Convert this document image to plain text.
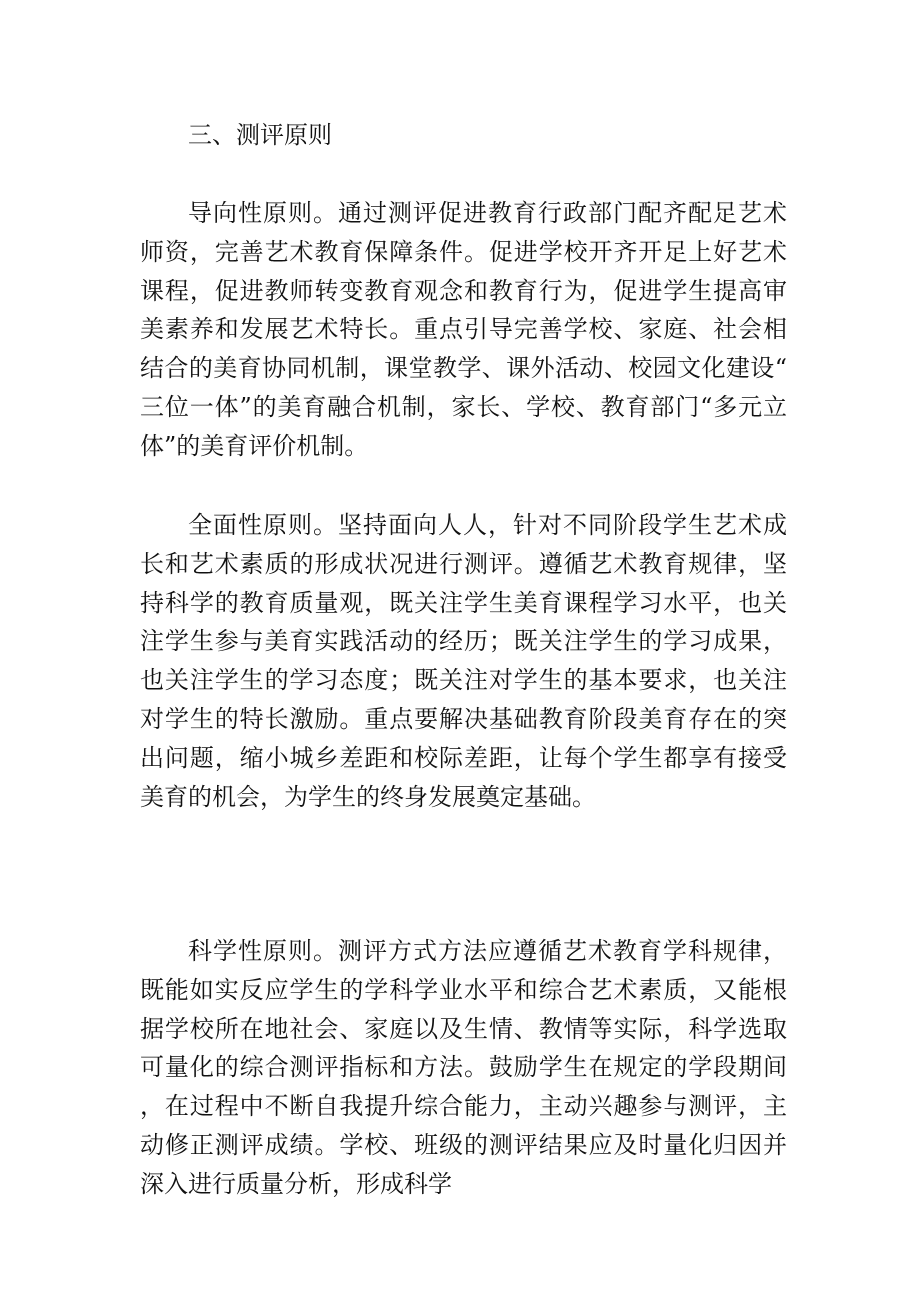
三、测评原则

导向性原则。通过测评促进教育行政部门配齐配足艺术师资，完善艺术教育保障条件。促进学校开齐开足上好艺术课程，促进教师转变教育观念和教育行为，促进学生提高审美素养和发展艺术特长。重点引导完善学校、家庭、社会相结合的美育协同机制，课堂教学、课外活动、校园文化建设“三位一体”的美育融合机制，家长、学校、教育部门“多元立体”的美育评价机制。

全面性原则。坚持面向人人，针对不同阶段学生艺术成长和艺术素质的形成状况进行测评。遵循艺术教育规律，坚持科学的教育质量观，既关注学生美育课程学习水平，也关注学生参与美育实践活动的经历；既关注学生的学习成果，也关注学生的学习态度；既关注对学生的基本要求，也关注对学生的特长激励。重点要解决基础教育阶段美育存在的突出问题，缩小城乡差距和校际差距，让每个学生都享有接受美育的机会，为学生的终身发展奠定基础。

科学性原则。测评方式方法应遵循艺术教育学科规律，既能如实反应学生的学科学业水平和综合艺术素质，又能根据学校所在地社会、家庭以及生情、教情等实际，科学选取可量化的综合测评指标和方法。鼓励学生在规定的学段期间，在过程中不断自我提升综合能力，主动兴趣参与测评，主动修正测评成绩。学校、班级的测评结果应及时量化归因并深入进行质量分析，形成科学
